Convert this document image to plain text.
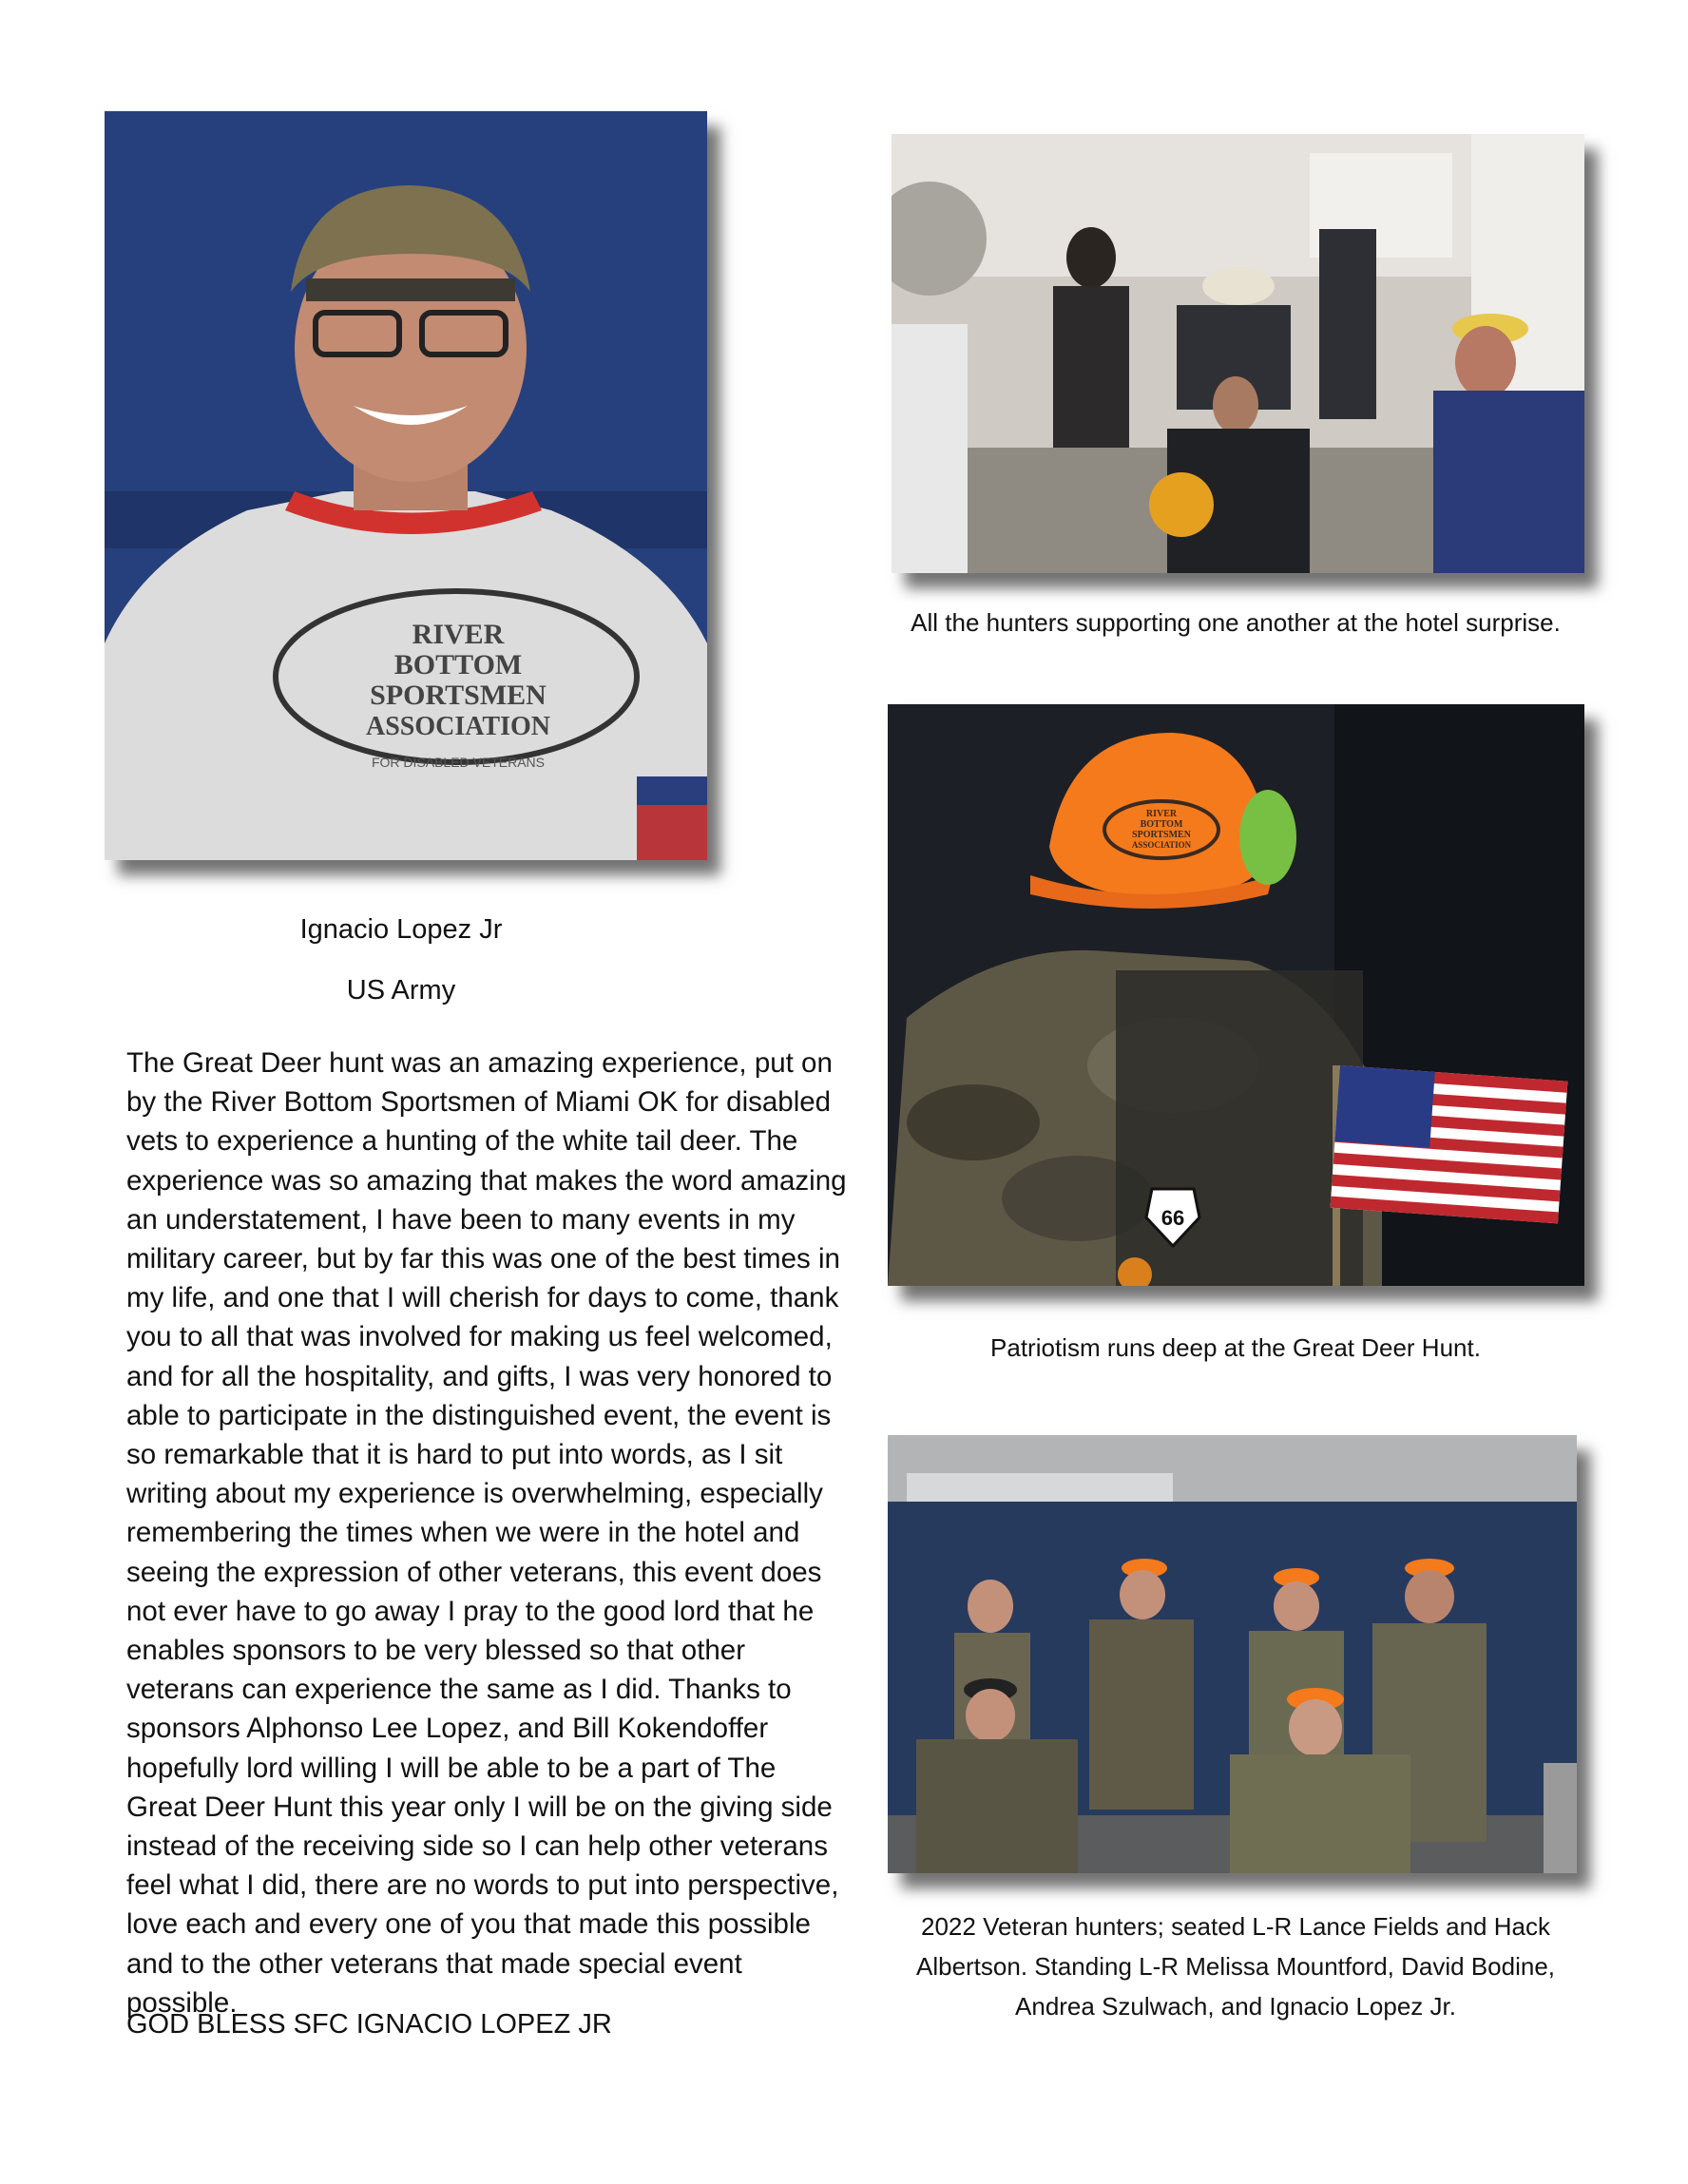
RIVER
BOTTOM
SPORTSMEN
ASSOCIATION
FOR DISABLED VETERANS
Ignacio Lopez Jr
US Army

The Great Deer hunt was an amazing experience, put on by the River Bottom Sportsmen of Miami OK for disabled vets to experience a hunting of the white tail deer. The experience was so amazing that makes the word amazing an understatement, I have been to many events in my military career, but by far this was one of the best times in my life, and one that I will cherish for days to come, thank you to all that was involved for making us feel welcomed, and for all the hospitality, and gifts, I was very honored to able to participate in the distinguished event, the event is so remarkable that it is hard to put into words, as I sit writing about my experience is overwhelming, especially remembering the times when we were in the hotel and seeing the expression of other veterans, this event does not ever have to go away I pray to the good lord that he enables sponsors to be very blessed so that other veterans can experience the same as I did. Thanks to sponsors Alphonso Lee Lopez, and Bill Kokendoffer hopefully lord willing I will be able to be a part of The Great Deer Hunt this year only I will be on the giving side instead of the receiving side so I can help other veterans feel what I did, there are no words to put into perspective, love each and every one of you that made this possible and to the other veterans that made special event possible.

GOD BLESS SFC IGNACIO LOPEZ JR
All the hunters supporting one another at the hotel surprise.
RIVER
BOTTOM
SPORTSMEN
ASSOCIATION
66
Patriotism runs deep at the Great Deer Hunt.
2022 Veteran hunters; seated L-R Lance Fields and Hack Albertson. Standing L-R Melissa Mountford, David Bodine, Andrea Szulwach, and Ignacio Lopez Jr.
